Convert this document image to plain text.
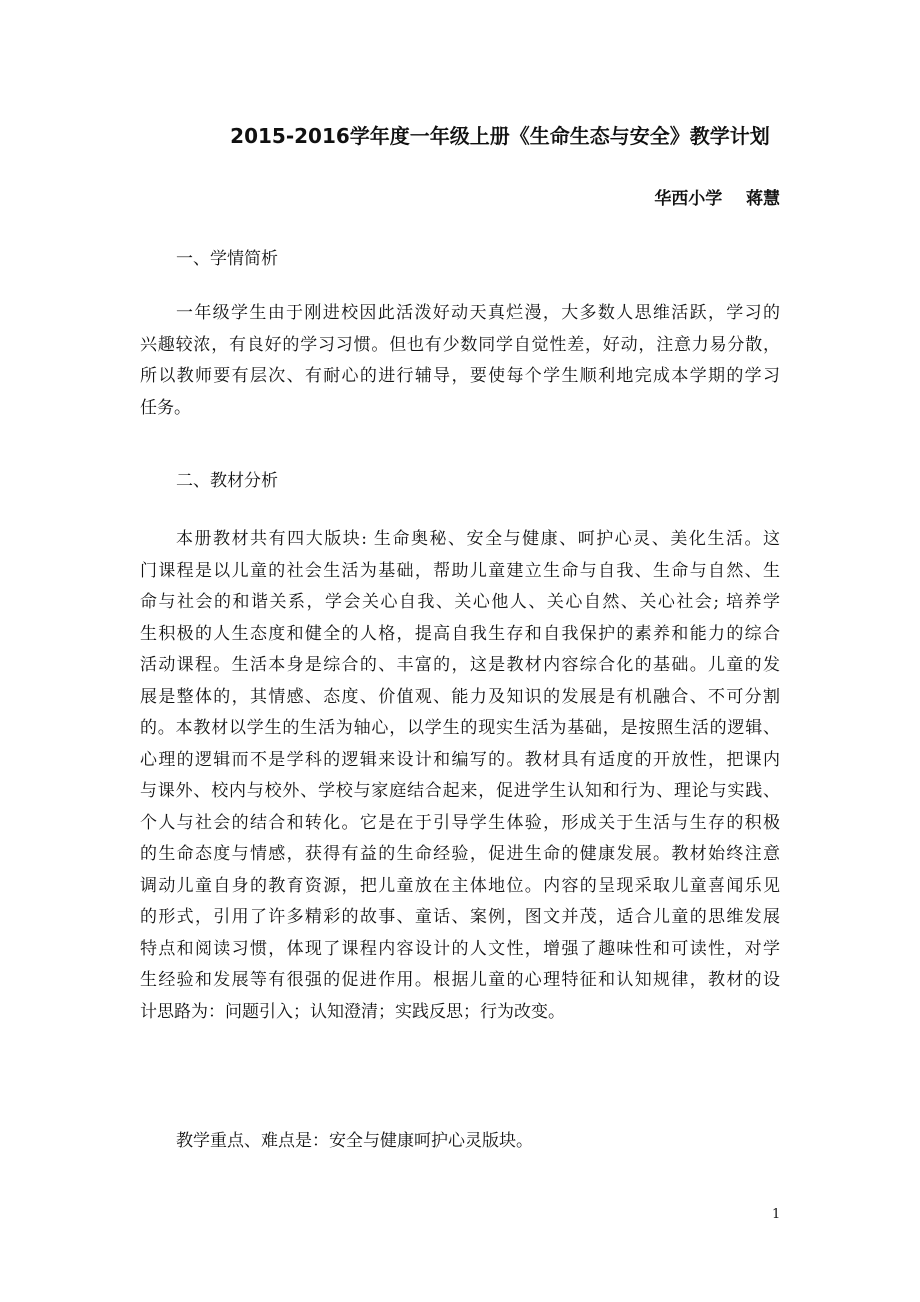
2015-2016学年度一年级上册《生命生态与安全》教学计划
华西小学    蒋慧
一、学情简析
一年级学生由于刚进校因此活泼好动天真烂漫，大多数人思维活跃，学习的
兴趣较浓，有良好的学习习惯。但也有少数同学自觉性差，好动，注意力易分散，
所以教师要有层次、有耐心的进行辅导，要使每个学生顺利地完成本学期的学习
任务。
二、教材分析
本册教材共有四大版块: 生命奥秘、安全与健康、呵护心灵、美化生活。这
门课程是以儿童的社会生活为基础，帮助儿童建立生命与自我、生命与自然、生
命与社会的和谐关系，学会关心自我、关心他人、关心自然、关心社会; 培养学
生积极的人生态度和健全的人格，提高自我生存和自我保护的素养和能力的综合
活动课程。生活本身是综合的、丰富的，这是教材内容综合化的基础。儿童的发
展是整体的，其情感、态度、价值观、能力及知识的发展是有机融合、不可分割
的。本教材以学生的生活为轴心，以学生的现实生活为基础，是按照生活的逻辑、
心理的逻辑而不是学科的逻辑来设计和编写的。教材具有适度的开放性，把课内
与课外、校内与校外、学校与家庭结合起来，促进学生认知和行为、理论与实践、
个人与社会的结合和转化。它是在于引导学生体验，形成关于生活与生存的积极
的生命态度与情感，获得有益的生命经验，促进生命的健康发展。教材始终注意
调动儿童自身的教育资源，把儿童放在主体地位。内容的呈现采取儿童喜闻乐见
的形式，引用了许多精彩的故事、童话、案例，图文并茂，适合儿童的思维发展
特点和阅读习惯，体现了课程内容设计的人文性，增强了趣味性和可读性，对学
生经验和发展等有很强的促进作用。根据儿童的心理特征和认知规律，教材的设
计思路为：问题引入；认知澄清；实践反思；行为改变。
教学重点、难点是：安全与健康呵护心灵版块。
1
